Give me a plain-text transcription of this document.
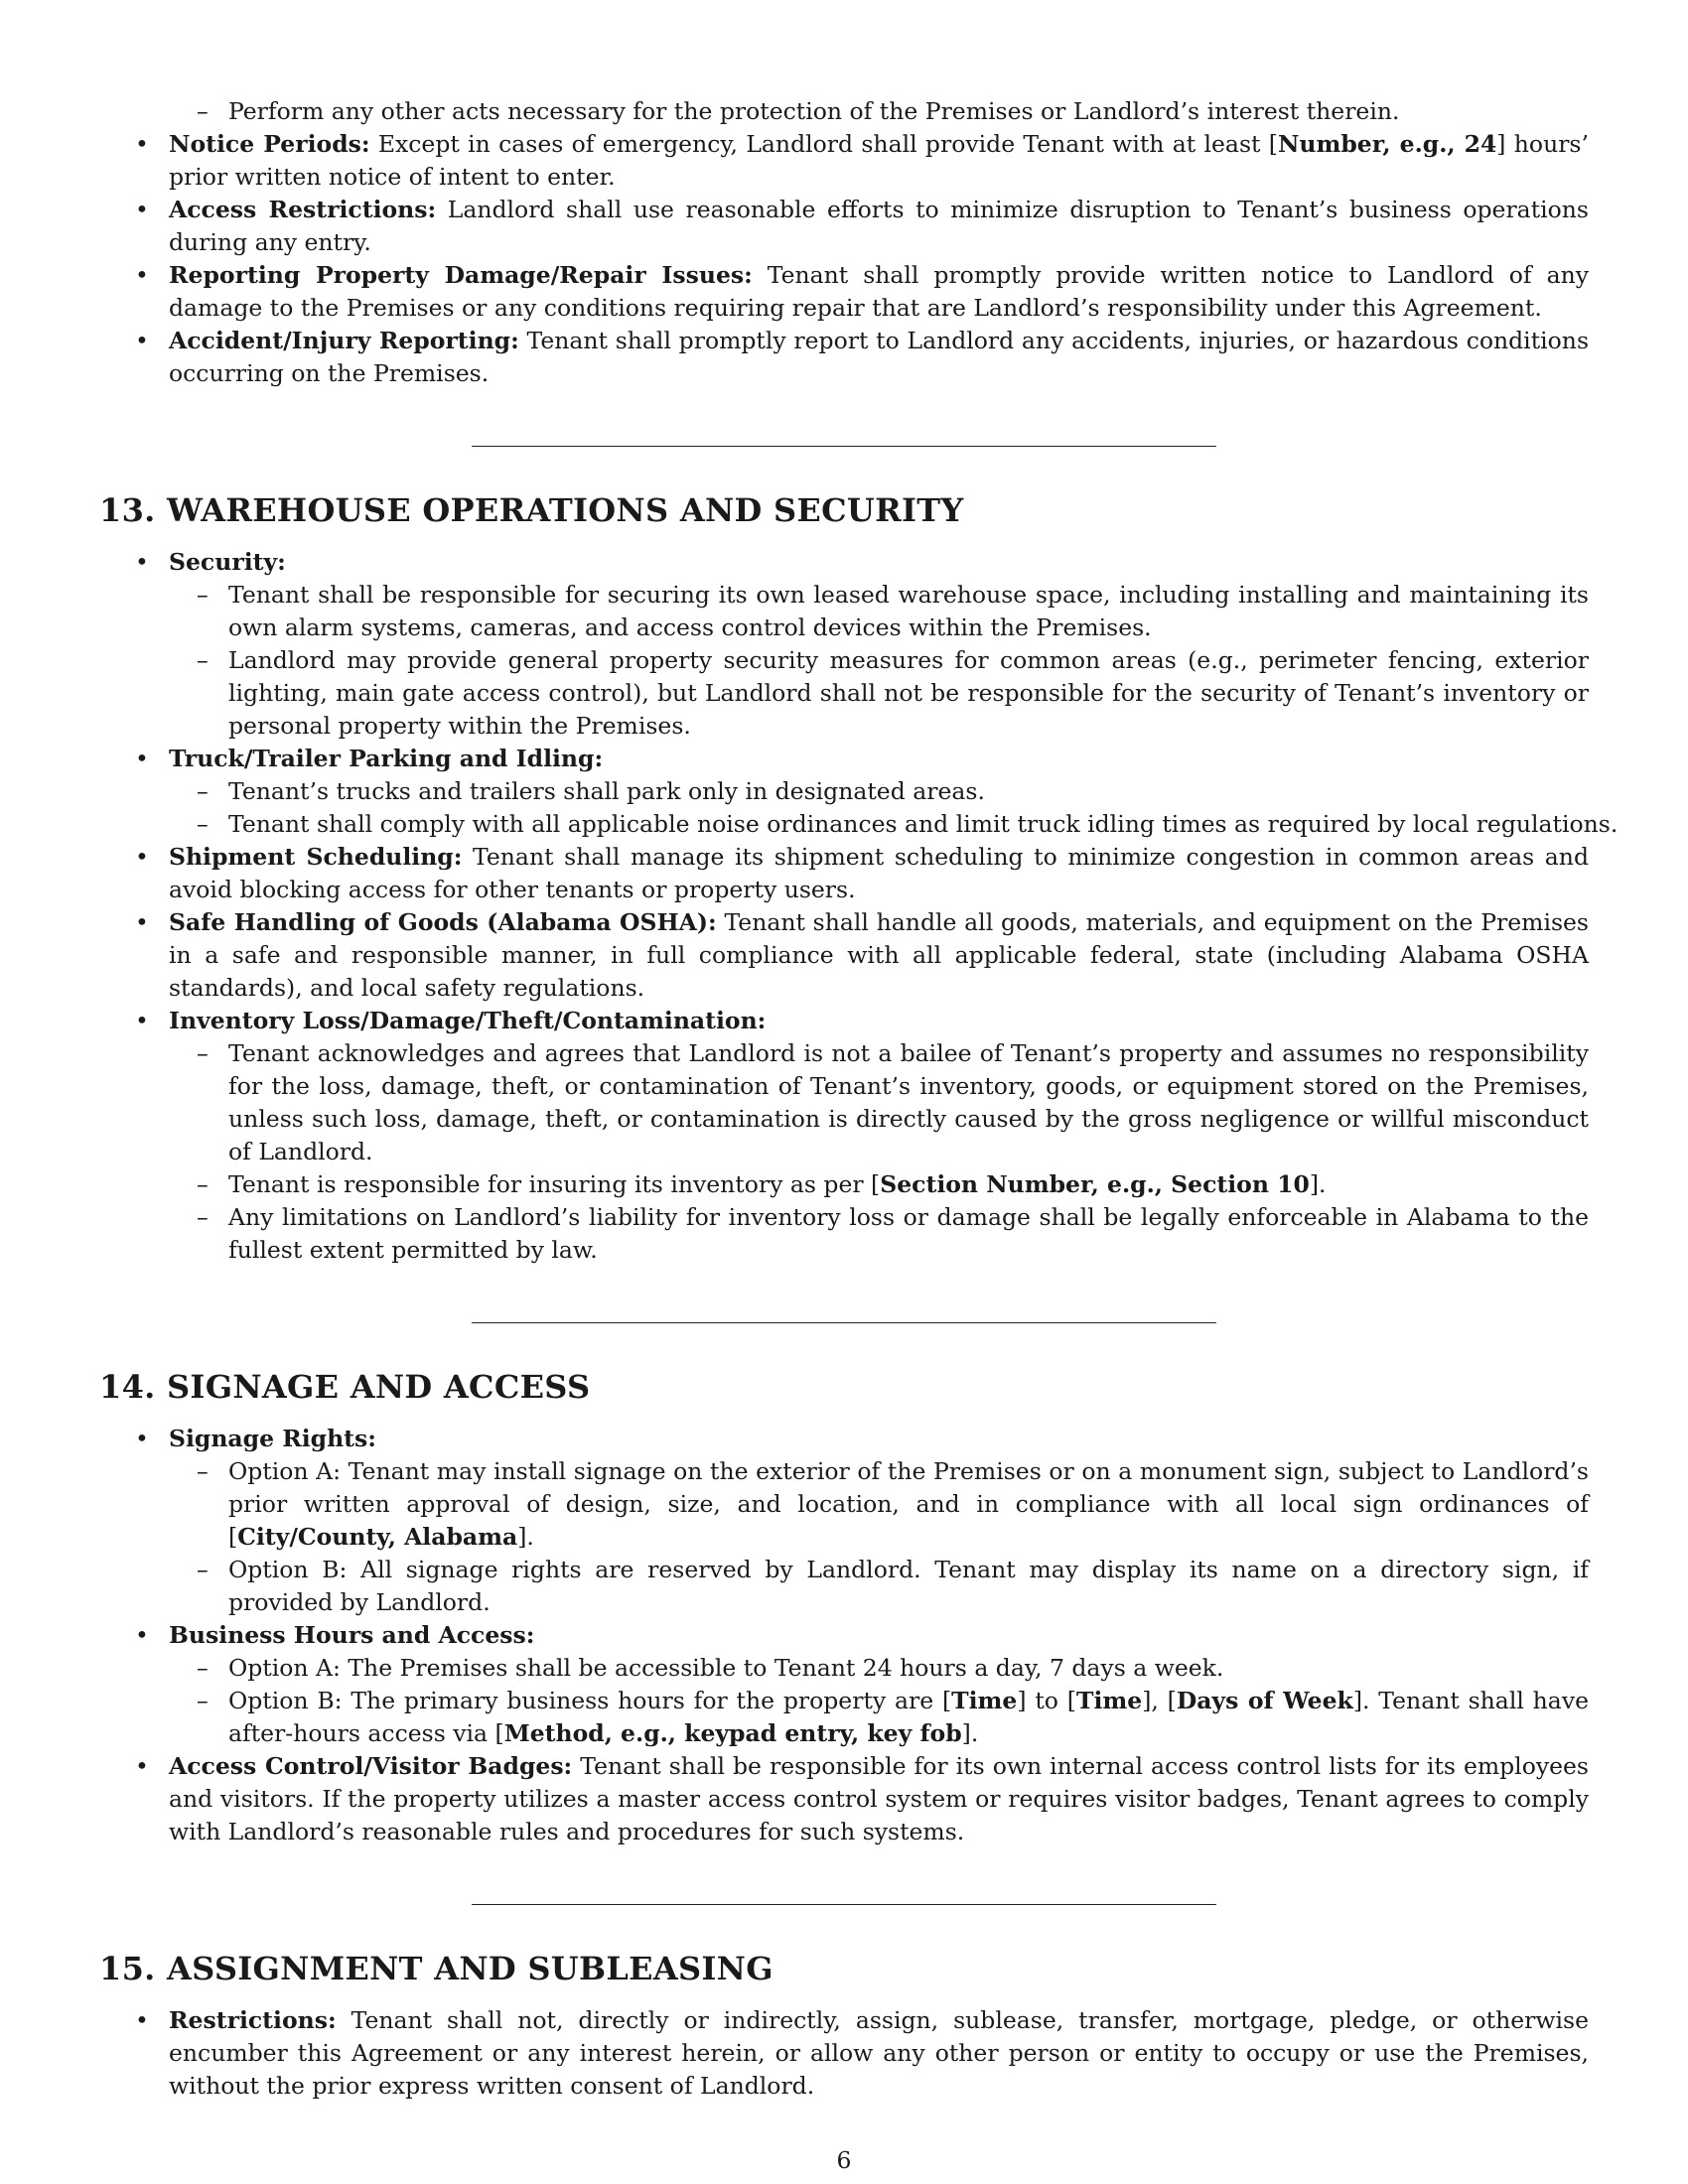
– Perform any other acts necessary for the protection of the Premises or Landlord’s interest therein.
• Notice Periods: Except in cases of emergency, Landlord shall provide Tenant with at least [Number, e.g., 24] hours’ prior written notice of intent to enter.
• Access Restrictions: Landlord shall use reasonable efforts to minimize disruption to Tenant’s business operations during any entry.
• Reporting Property Damage/Repair Issues: Tenant shall promptly provide written notice to Landlord of any damage to the Premises or any conditions requiring repair that are Landlord’s responsibility under this Agreement.
• Accident/Injury Reporting: Tenant shall promptly report to Landlord any accidents, injuries, or hazardous conditions occurring on the Premises.
13. WAREHOUSE OPERATIONS AND SECURITY
• Security:
– Tenant shall be responsible for securing its own leased warehouse space, including installing and maintaining its own alarm systems, cameras, and access control devices within the Premises.
– Landlord may provide general property security measures for common areas (e.g., perimeter fencing, exterior lighting, main gate access control), but Landlord shall not be responsible for the security of Tenant’s inventory or personal property within the Premises.
• Truck/Trailer Parking and Idling:
– Tenant’s trucks and trailers shall park only in designated areas.
– Tenant shall comply with all applicable noise ordinances and limit truck idling times as required by local regulations.
• Shipment Scheduling: Tenant shall manage its shipment scheduling to minimize congestion in common areas and avoid blocking access for other tenants or property users.
• Safe Handling of Goods (Alabama OSHA): Tenant shall handle all goods, materials, and equipment on the Premises in a safe and responsible manner, in full compliance with all applicable federal, state (including Alabama OSHA standards), and local safety regulations.
• Inventory Loss/Damage/Theft/Contamination:
– Tenant acknowledges and agrees that Landlord is not a bailee of Tenant’s property and assumes no responsibility for the loss, damage, theft, or contamination of Tenant’s inventory, goods, or equipment stored on the Premises, unless such loss, damage, theft, or contamination is directly caused by the gross negligence or willful misconduct of Landlord.
– Tenant is responsible for insuring its inventory as per [Section Number, e.g., Section 10].
– Any limitations on Landlord’s liability for inventory loss or damage shall be legally enforceable in Alabama to the fullest extent permitted by law.
14. SIGNAGE AND ACCESS
• Signage Rights:
– Option A: Tenant may install signage on the exterior of the Premises or on a monument sign, subject to Landlord’s prior written approval of design, size, and location, and in compliance with all local sign ordinances of [City/County, Alabama].
– Option B: All signage rights are reserved by Landlord. Tenant may display its name on a directory sign, if provided by Landlord.
• Business Hours and Access:
– Option A: The Premises shall be accessible to Tenant 24 hours a day, 7 days a week.
– Option B: The primary business hours for the property are [Time] to [Time], [Days of Week]. Tenant shall have after-hours access via [Method, e.g., keypad entry, key fob].
• Access Control/Visitor Badges: Tenant shall be responsible for its own internal access control lists for its employees and visitors. If the property utilizes a master access control system or requires visitor badges, Tenant agrees to comply with Landlord’s reasonable rules and procedures for such systems.
15. ASSIGNMENT AND SUBLEASING
• Restrictions: Tenant shall not, directly or indirectly, assign, sublease, transfer, mortgage, pledge, or otherwise encumber this Agreement or any interest herein, or allow any other person or entity to occupy or use the Premises, without the prior express written consent of Landlord.
6
